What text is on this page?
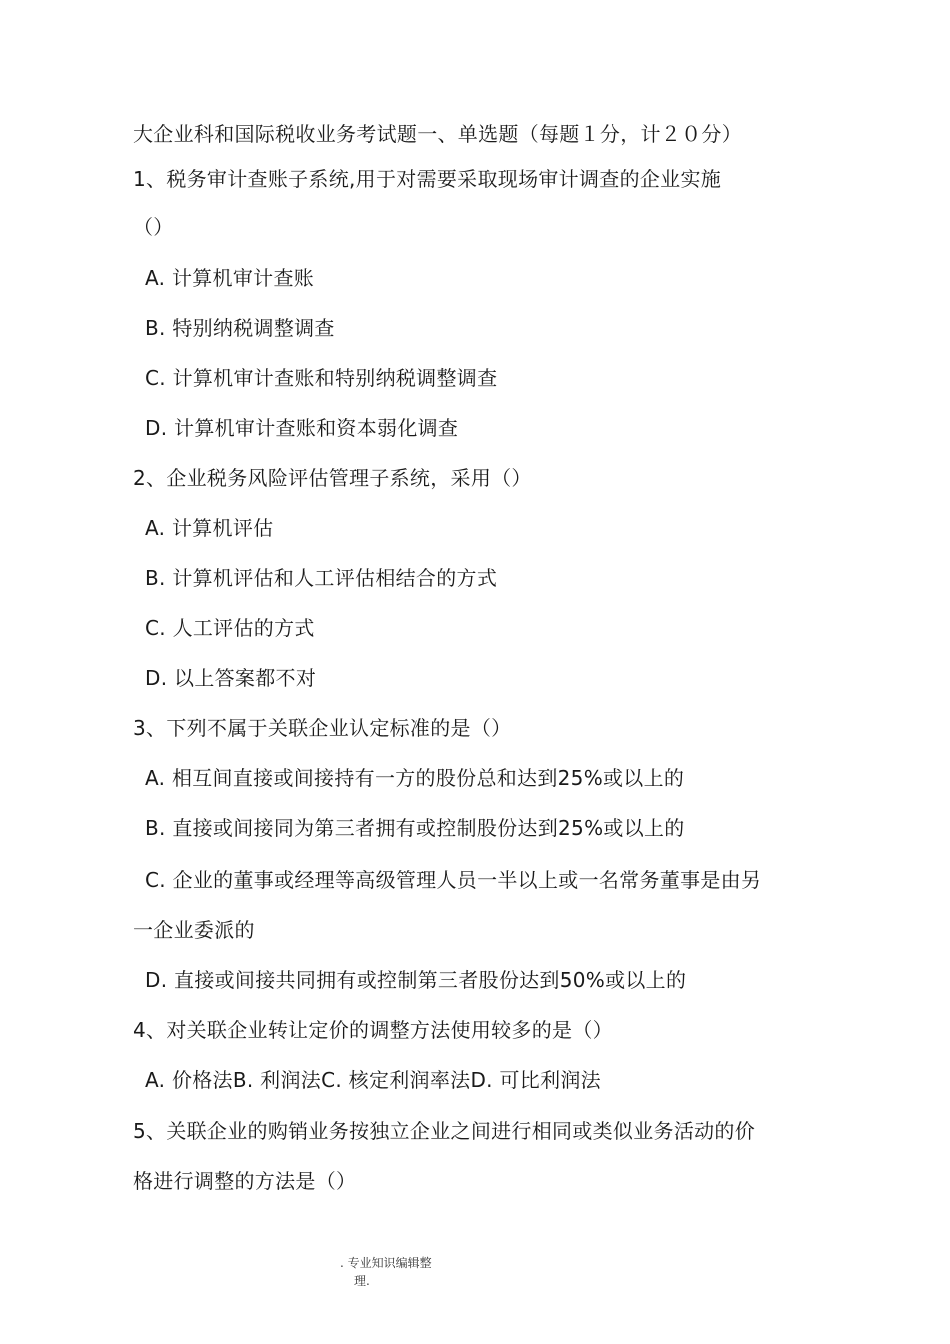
大企业科和国际税收业务考试题一、单选题（每题１分，计２０分）
1、税务审计查账子系统,用于对需要采取现场审计调查的企业实施
（）
A. 计算机审计查账
B. 特别纳税调整调查
C. 计算机审计查账和特别纳税调整调查
D. 计算机审计查账和资本弱化调查
2、企业税务风险评估管理子系统，采用（）
A. 计算机评估
B. 计算机评估和人工评估相结合的方式
C. 人工评估的方式
D. 以上答案都不对
3、下列不属于关联企业认定标准的是（）
A. 相互间直接或间接持有一方的股份总和达到25%或以上的
B. 直接或间接同为第三者拥有或控制股份达到25%或以上的
C. 企业的董事或经理等高级管理人员一半以上或一名常务董事是由另
一企业委派的
D. 直接或间接共同拥有或控制第三者股份达到50%或以上的
4、对关联企业转让定价的调整方法使用较多的是（）
A. 价格法B. 利润法C. 核定利润率法D. 可比利润法
5、关联企业的购销业务按独立企业之间进行相同或类似业务活动的价
格进行调整的方法是（）
. 专业知识编辑整
理.
